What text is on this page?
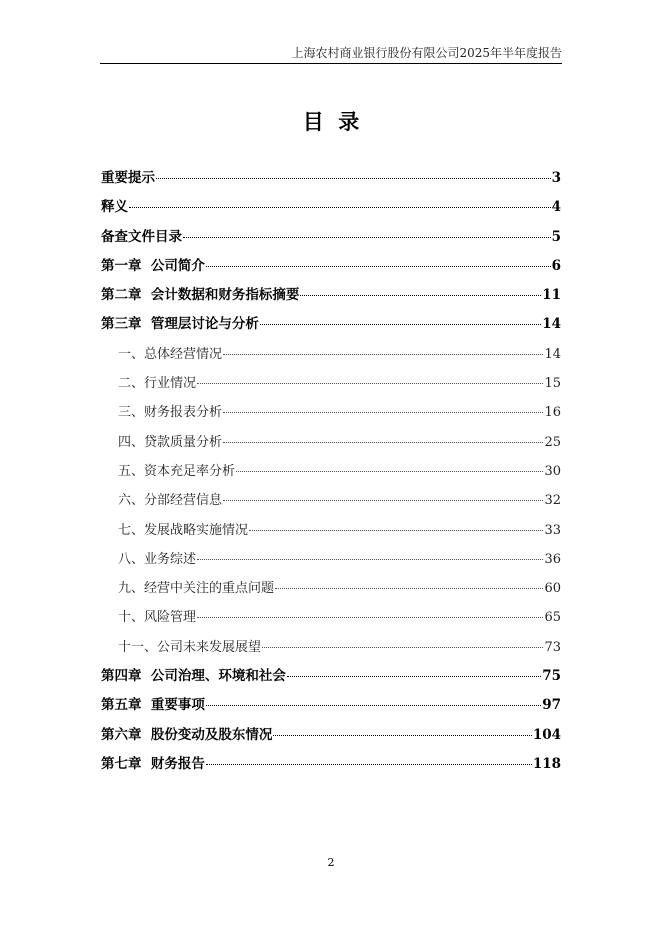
上海农村商业银行股份有限公司2025年半年度报告
目  录
重要提示	3
释义	4
备查文件目录	5
第一章  公司简介	6
第二章  会计数据和财务指标摘要	11
第三章  管理层讨论与分析	14
一、总体经营情况	14
二、行业情况	15
三、财务报表分析	16
四、贷款质量分析	25
五、资本充足率分析	30
六、分部经营信息	32
七、发展战略实施情况	33
八、业务综述	36
九、经营中关注的重点问题	60
十、风险管理	65
十一、公司未来发展展望	73
第四章  公司治理、环境和社会	75
第五章  重要事项	97
第六章  股份变动及股东情况	104
第七章  财务报告	118
2
